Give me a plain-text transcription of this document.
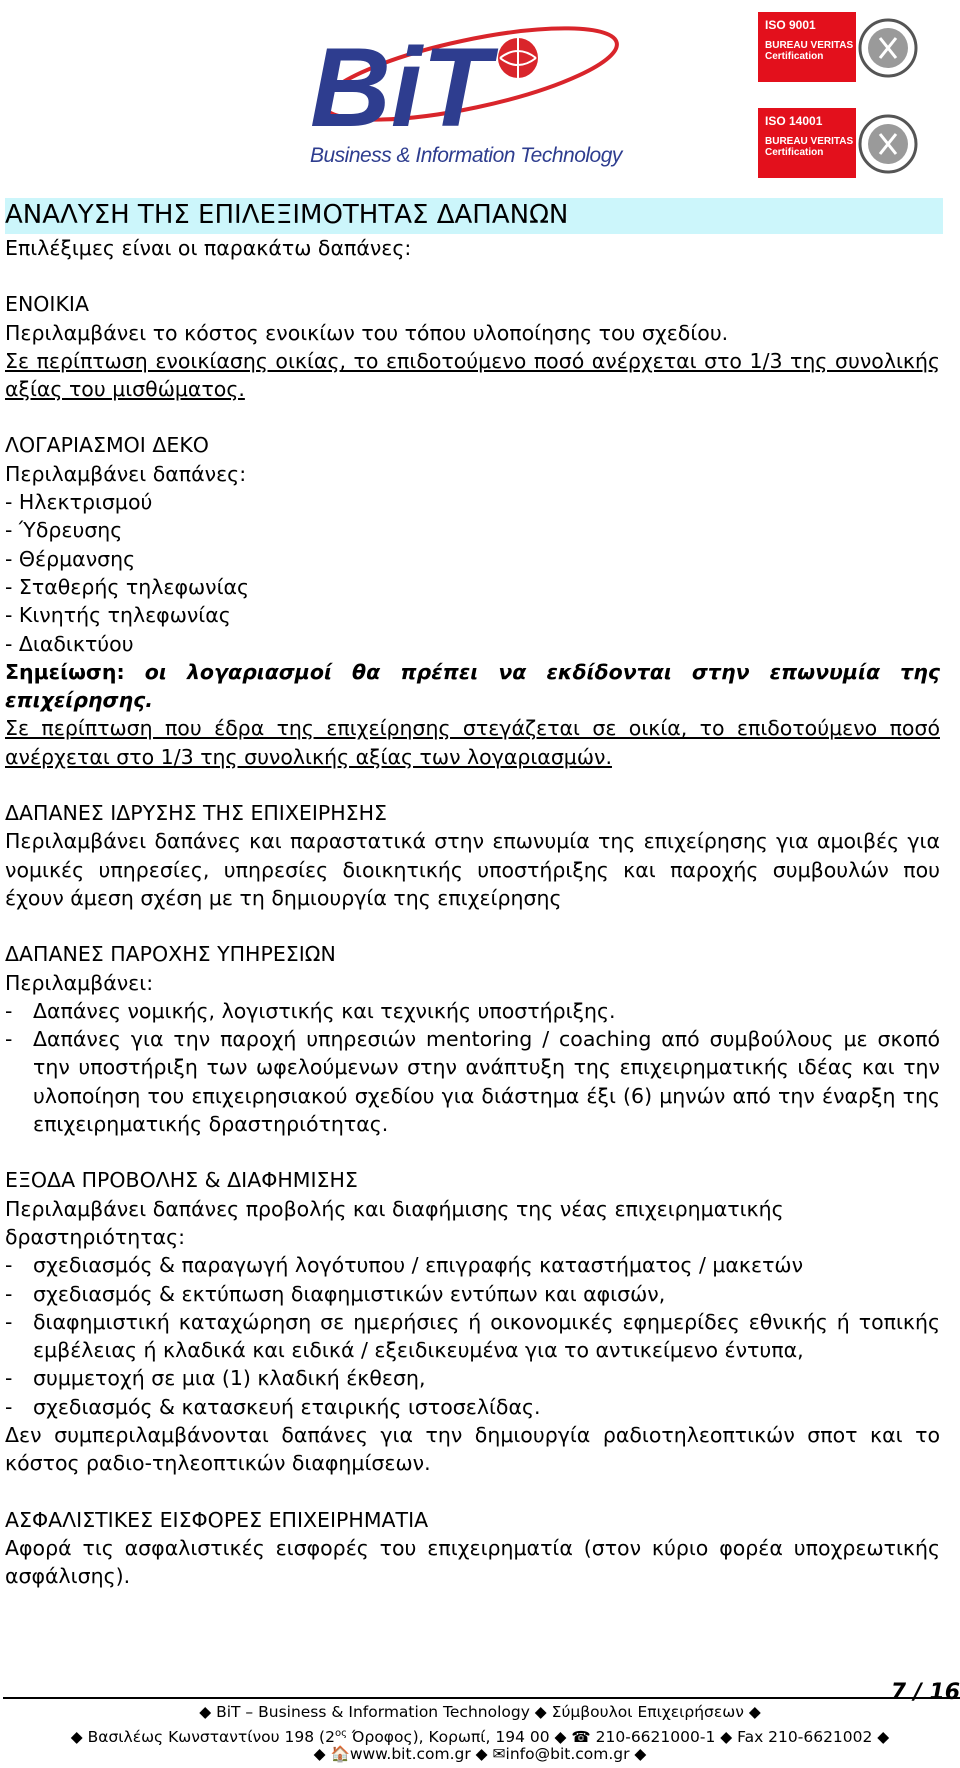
BiT
Business & Information Technology
ISO 9001
BUREAU VERITAS
Certification
ISO 14001
BUREAU VERITAS
Certification
ΑΝΑΛΥΣΗ ΤΗΣ ΕΠΙΛΕΞΙΜΟΤΗΤΑΣ ΔΑΠΑΝΩΝ

Επιλέξιμες είναι οι παρακάτω δαπάνες:

ΕΝΟΙΚΙΑ

Περιλαμβάνει το κόστος ενοικίων του τόπου υλοποίησης του σχεδίου.

Σε περίπτωση ενοικίασης οικίας, το επιδοτούμενο ποσό ανέρχεται στο 1/3 της συνολικής αξίας του μισθώματος.

ΛΟΓΑΡΙΑΣΜΟΙ ΔΕΚΟ

Περιλαμβάνει δαπάνες:

- Ηλεκτρισμού

- Ύδρευσης

- Θέρμανσης

- Σταθερής τηλεφωνίας

- Κινητής τηλεφωνίας

- Διαδικτύου

Σημείωση: οι λογαριασμοί θα πρέπει να εκδίδονται στην επωνυμία της επιχείρησης.

Σε περίπτωση που έδρα της επιχείρησης στεγάζεται σε οικία, το επιδοτούμενο ποσό ανέρχεται στο 1/3 της συνολικής αξίας των λογαριασμών.

ΔΑΠΑΝΕΣ ΙΔΡΥΣΗΣ ΤΗΣ ΕΠΙΧΕΙΡΗΣΗΣ

Περιλαμβάνει δαπάνες και παραστατικά στην επωνυμία της επιχείρησης για αμοιβές για νομικές υπηρεσίες, υπηρεσίες διοικητικής υποστήριξης και παροχής συμβουλών που έχουν άμεση σχέση με τη δημιουργία της επιχείρησης

ΔΑΠΑΝΕΣ ΠΑΡΟΧΗΣ ΥΠΗΡΕΣΙΩΝ

Περιλαμβάνει:

-	Δαπάνες νομικής, λογιστικής και τεχνικής υποστήριξης.
-	Δαπάνες για την παροχή υπηρεσιών mentoring / coaching από συμβούλους με σκοπό την υποστήριξη των ωφελούμενων στην ανάπτυξη της επιχειρηματικής ιδέας και την υλοποίηση του επιχειρησιακού σχεδίου για διάστημα έξι (6) μηνών από την έναρξη της επιχειρηματικής δραστηριότητας.

ΕΞΟΔΑ ΠΡΟΒΟΛΗΣ & ΔΙΑΦΗΜΙΣΗΣ

Περιλαμβάνει δαπάνες προβολής και διαφήμισης της νέας επιχειρηματικής δραστηριότητας:

-	σχεδιασμός & παραγωγή λογότυπου / επιγραφής καταστήματος / μακετών
-	σχεδιασμός & εκτύπωση διαφημιστικών εντύπων και αφισών,
-	διαφημιστική καταχώρηση σε ημερήσιες ή οικονομικές εφημερίδες εθνικής ή τοπικής εμβέλειας ή κλαδικά και ειδικά / εξειδικευμένα για το αντικείμενο έντυπα,
-	συμμετοχή σε μια (1) κλαδική έκθεση,
-	σχεδιασμός & κατασκευή εταιρικής ιστοσελίδας.

Δεν συμπεριλαμβάνονται δαπάνες για την δημιουργία ραδιοτηλεοπτικών σποτ και το κόστος ραδιο-τηλεοπτικών διαφημίσεων.

ΑΣΦΑΛΙΣΤΙΚΕΣ ΕΙΣΦΟΡΕΣ ΕΠΙΧΕΙΡΗΜΑΤΙΑ

Αφορά τις ασφαλιστικές εισφορές του επιχειρηματία (στον κύριο φορέα υποχρεωτικής ασφάλισης).

7 / 16
◆ BiT – Business & Information Technology ◆ Σύμβουλοι Επιχειρήσεων ◆
◆ Βασιλέως Κωνσταντίνου 198 ($2^{o\varsigma}$ Όροφος), Κορωπί, 194 00 ◆ ☎ 210-6621000-1 ◆ Fax 210-6621002 ◆
◆ 🏠www.bit.com.gr ◆ ✉info@bit.com.gr ◆
